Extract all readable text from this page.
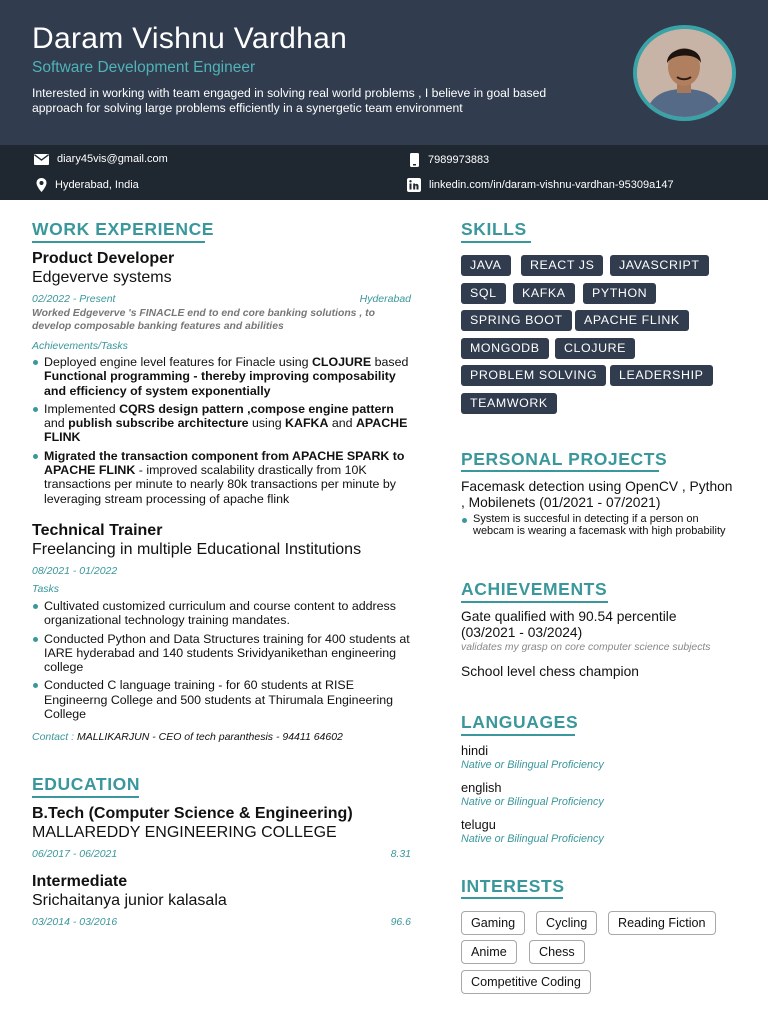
Daram Vishnu Vardhan
Software Development Engineer
Interested in working with team engaged in solving real world problems , I believe in goal based approach for solving large problems efficiently in a synergetic team environment
diary45vis@gmail.com	7989973883
Hyderabad, India	linkedin.com/in/daram-vishnu-vardhan-95309a147
WORK EXPERIENCE
Product Developer
Edgeverve systems
02/2022 - Present	Hyderabad
Worked Edgeverve 's FINACLE end to end core banking solutions , to develop composable banking features and abilities
Achievements/Tasks
Deployed engine level features for Finacle using CLOJURE based Functional programming - thereby improving composability and efficiency of system exponentially
Implemented CQRS design pattern ,compose engine pattern and publish subscribe architecture using KAFKA and APACHE FLINK
Migrated the transaction component from APACHE SPARK to APACHE FLINK - improved scalability drastically from 10K transactions per minute to nearly 80k transactions per minute by leveraging stream processing of apache flink
Technical Trainer
Freelancing in multiple Educational Institutions
08/2021 - 01/2022
Tasks
Cultivated customized curriculum and course content to address organizational technology training mandates.
Conducted Python and Data Structures training for 400 students at IARE hyderabad and 140 students Srividyanikethan engineering college
Conducted C language training - for 60 students at RISE Engineerng College and 500 students at Thirumala Engineering College
Contact : MALLIKARJUN - CEO of tech paranthesis - 94411 64602
EDUCATION
B.Tech (Computer Science & Engineering)
MALLAREDDY ENGINEERING COLLEGE
06/2017 - 06/2021	8.31
Intermediate
Srichaitanya junior kalasala
03/2014 - 03/2016	96.6
SKILLS
JAVA	REACT JS	JAVASCRIPT
SQL	KAFKA	PYTHON
SPRING BOOT	APACHE FLINK
MONGODB	CLOJURE
PROBLEM SOLVING	LEADERSHIP
TEAMWORK
PERSONAL PROJECTS
Facemask detection using OpenCV , Python , Mobilenets (01/2021 - 07/2021)
System is succesful in detecting if a person on webcam is wearing a facemask with high probability
ACHIEVEMENTS
Gate qualified with 90.54 percentile (03/2021 - 03/2024)
validates my grasp on core computer science subjects
School level chess champion
LANGUAGES
hindi
Native or Bilingual Proficiency
english
Native or Bilingual Proficiency
telugu
Native or Bilingual Proficiency
INTERESTS
Gaming	Cycling	Reading Fiction
Anime	Chess
Competitive Coding
